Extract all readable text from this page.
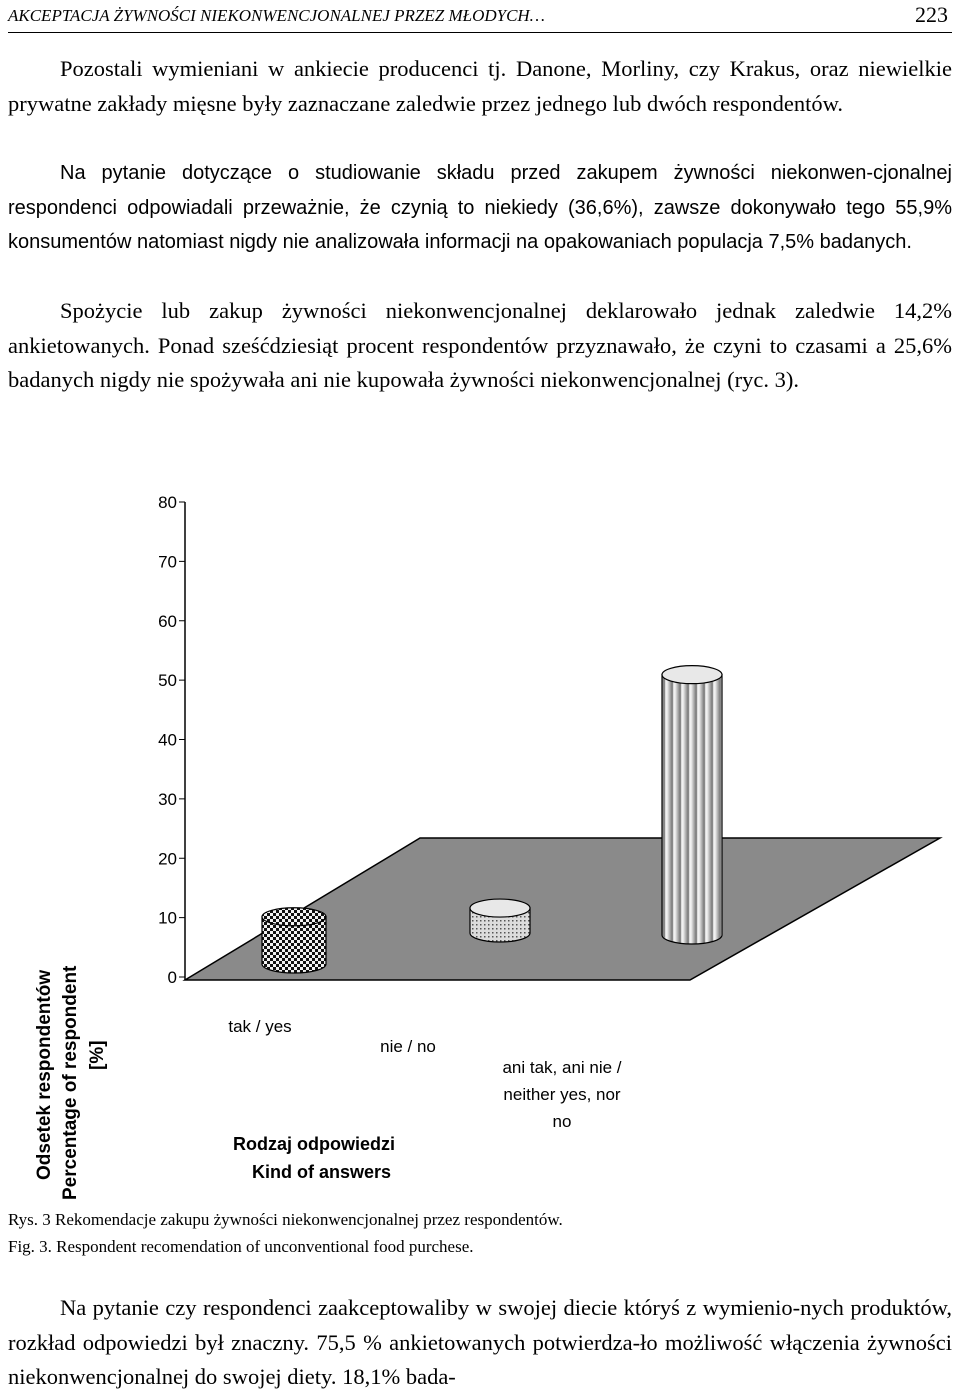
AKCEPTACJA ŻYWNOŚCI NIEKONWENCJONALNEJ PRZEZ MŁODYCH…	223

Pozostali wymieniani w ankiecie producenci tj. Danone, Morliny, czy Krakus, oraz niewielkie prywatne zakłady mięsne były zaznaczane zaledwie przez jednego lub dwóch respondentów.

Na pytanie dotyczące o studiowanie składu przed zakupem żywności niekonwen-cjonalnej respondenci odpowiadali przeważnie, że czynią to niekiedy (36,6%), zawsze dokonywało tego 55,9% konsumentów natomiast nigdy nie analizowała informacji na opakowaniach populacja 7,5% badanych.

Spożycie lub zakup żywności niekonwencjonalnej deklarowało jednak zaledwie 14,2% ankietowanych. Ponad sześćdziesiąt procent respondentów przyznawało, że czyni to czasami a 25,6% badanych nigdy nie spożywała ani nie kupowała żywności niekonwencjonalnej (ryc. 3).

0
10
20
30
40
50
60
70
80
tak / yes
nie / no
ani tak, ani nie /
neither yes, nor
no
Odsetek respondentów Percentage of respondent [%]
Rodzaj odpowiedzi
Kind of answers
Rys. 3 Rekomendacje zakupu żywności niekonwencjonalnej przez respondentów.
Fig. 3. Respondent recomendation of unconventional food purchese.

Na pytanie czy respondenci zaakceptowaliby w swojej diecie któryś z wymienio-nych produktów, rozkład odpowiedzi był znaczny. 75,5 % ankietowanych potwierdza-ło możliwość włączenia żywności niekonwencjonalnej do swojej diety. 18,1% bada-
